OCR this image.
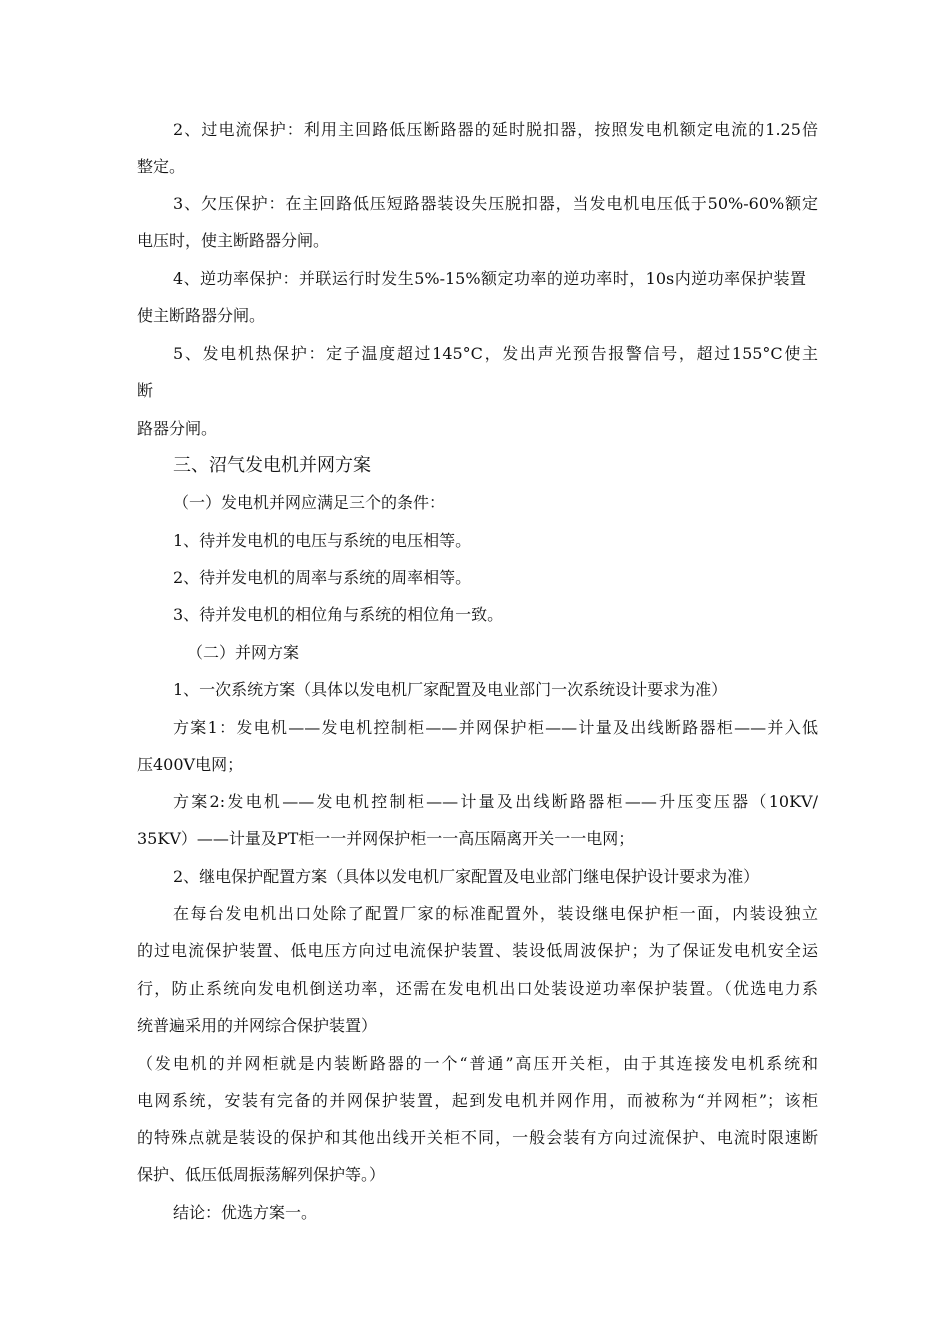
2、过电流保护：利用主回路低压断路器的延时脱扣器，按照发电机额定电流的1.25倍
整定。
3、欠压保护：在主回路低压短路器装设失压脱扣器，当发电机电压低于50%-60%额定
电压时，使主断路器分闸。
4、逆功率保护：并联运行时发生5%-15%额定功率的逆功率时，10s内逆功率保护装置
使主断路器分闸。
5、发电机热保护：定子温度超过145°C，发出声光预告报警信号，超过155°C使主
断
路器分闸。
三、沼气发电机并网方案
（一）发电机并网应满足三个的条件：
1、待并发电机的电压与系统的电压相等。
2、待并发电机的周率与系统的周率相等。
3、待并发电机的相位角与系统的相位角一致。
（二）并网方案
1、一次系统方案（具体以发电机厂家配置及电业部门一次系统设计要求为准）
方案1：发电机——发电机控制柜——并网保护柜——计量及出线断路器柜——并入低
压400V电网；
方案2:发电机——发电机控制柜——计量及出线断路器柜——升压变压器（10KV/
35KV）——计量及PT柜一一并网保护柜一一高压隔离开关一一电网；
2、继电保护配置方案（具体以发电机厂家配置及电业部门继电保护设计要求为准）
在每台发电机出口处除了配置厂家的标准配置外，装设继电保护柜一面，内装设独立
的过电流保护装置、低电压方向过电流保护装置、装设低周波保护；为了保证发电机安全运
行，防止系统向发电机倒送功率，还需在发电机出口处装设逆功率保护装置。（优选电力系
统普遍采用的并网综合保护装置）
（发电机的并网柜就是内装断路器的一个“普通”高压开关柜，由于其连接发电机系统和
电网系统，安装有完备的并网保护装置，起到发电机并网作用，而被称为“并网柜”；该柜
的特殊点就是装设的保护和其他出线开关柜不同，一般会装有方向过流保护、电流时限速断
保护、低压低周振荡解列保护等。）
结论：优选方案一。
